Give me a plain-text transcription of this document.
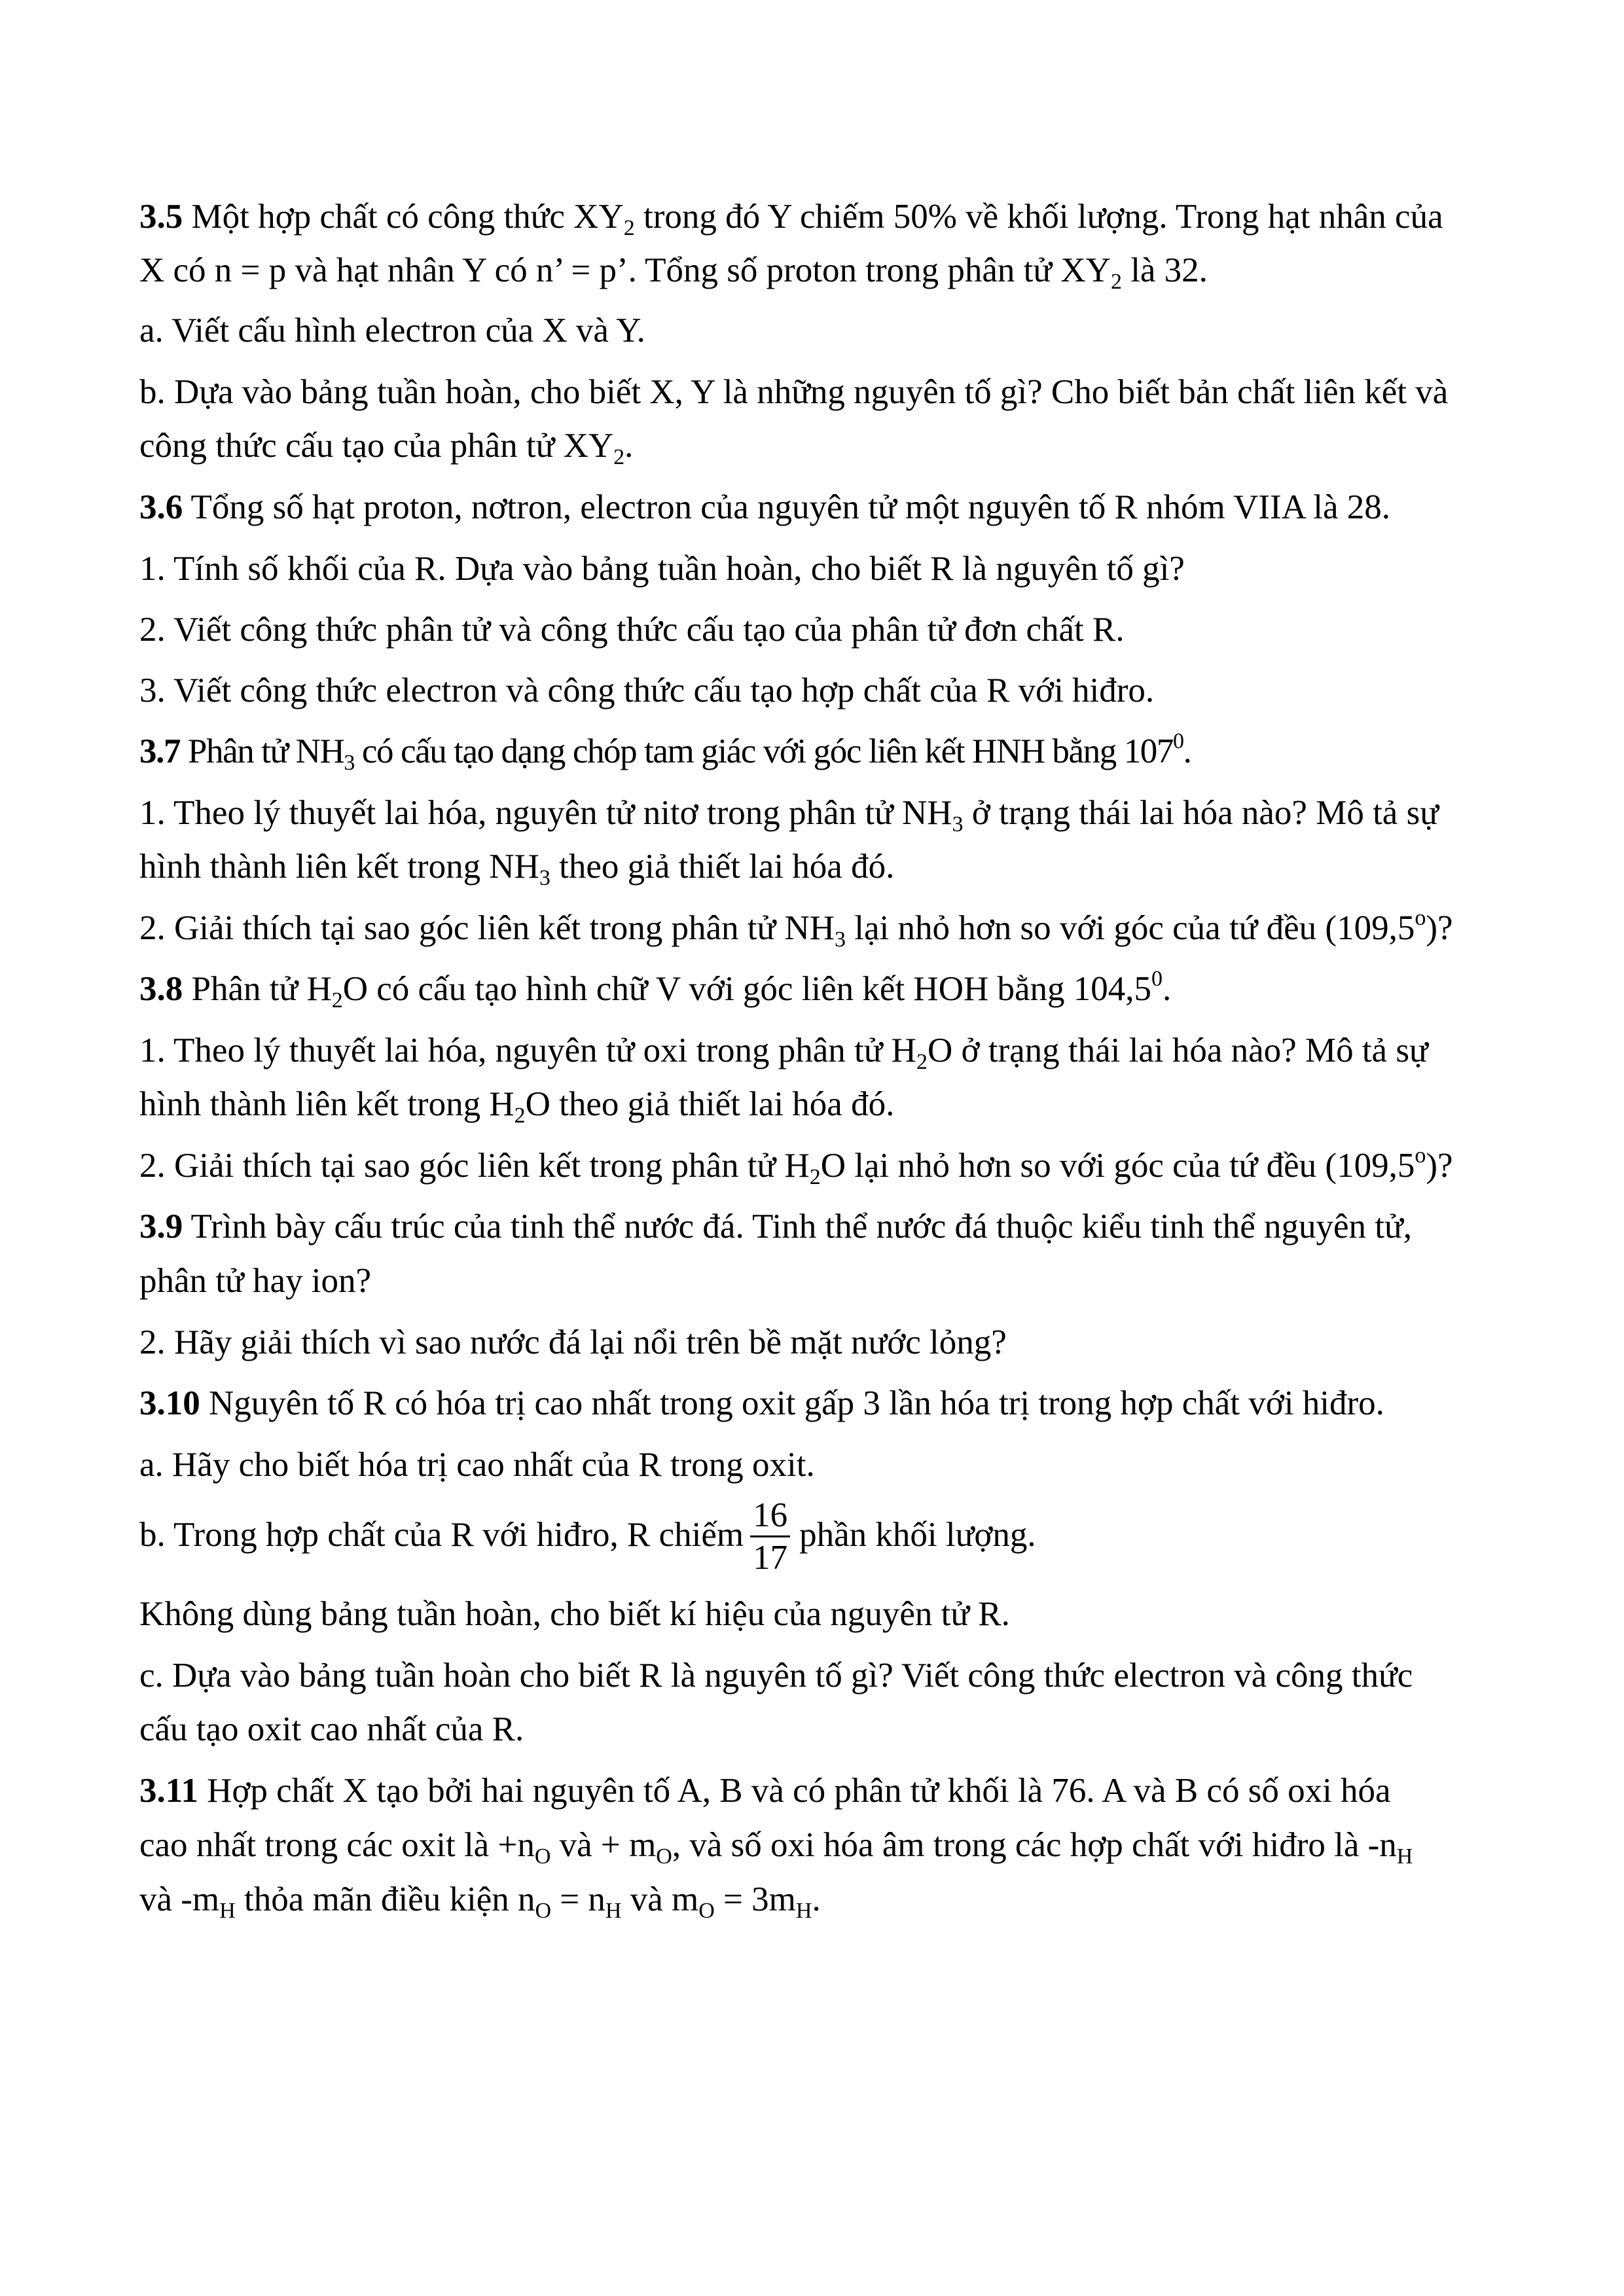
3.5 Một hợp chất có công thức $XY_2$ trong đó Y chiếm 50% về khối lượng. Trong hạt nhân của
X có n = p và hạt nhân Y có n’ = p’. Tổng số proton trong phân tử $XY_2$ là 32.
a. Viết cấu hình electron của X và Y.
b. Dựa vào bảng tuần hoàn, cho biết X, Y là những nguyên tố gì? Cho biết bản chất liên kết và
công thức cấu tạo của phân tử $XY_2$.
3.6 Tổng số hạt proton, nơtron, electron của nguyên tử một nguyên tố R nhóm VIIA là 28.
1. Tính số khối của R. Dựa vào bảng tuần hoàn, cho biết R là nguyên tố gì?
2. Viết công thức phân tử và công thức cấu tạo của phân tử đơn chất R.
3. Viết công thức electron và công thức cấu tạo hợp chất của R với hiđro.
3.7 Phân tử $NH_3$ có cấu tạo dạng chóp tam giác với góc liên kết HNH bằng $107^0$.
1. Theo lý thuyết lai hóa, nguyên tử nitơ trong phân tử $NH_3$ ở trạng thái lai hóa nào? Mô tả sự
hình thành liên kết trong $NH_3$ theo giả thiết lai hóa đó.
2. Giải thích tại sao góc liên kết trong phân tử $NH_3$ lại nhỏ hơn so với góc của tứ đều (109,5$^o$)?
3.8 Phân tử $H_2O$ có cấu tạo hình chữ V với góc liên kết HOH bằng 104,5$^0$.
1. Theo lý thuyết lai hóa, nguyên tử oxi trong phân tử $H_2O$ ở trạng thái lai hóa nào? Mô tả sự
hình thành liên kết trong $H_2O$ theo giả thiết lai hóa đó.
2. Giải thích tại sao góc liên kết trong phân tử $H_2O$ lại nhỏ hơn so với góc của tứ đều (109,5$^o$)?
3.9 Trình bày cấu trúc của tinh thể nước đá. Tinh thể nước đá thuộc kiểu tinh thể nguyên tử,
phân tử hay ion?
2. Hãy giải thích vì sao nước đá lại nổi trên bề mặt nước lỏng?
3.10 Nguyên tố R có hóa trị cao nhất trong oxit gấp 3 lần hóa trị trong hợp chất với hiđro.
a. Hãy cho biết hóa trị cao nhất của R trong oxit.
b. Trong hợp chất của R với hiđro, R chiếm $\frac{16}{17}$ phần khối lượng.
Không dùng bảng tuần hoàn, cho biết kí hiệu của nguyên tử R.
c. Dựa vào bảng tuần hoàn cho biết R là nguyên tố gì? Viết công thức electron và công thức
cấu tạo oxit cao nhất của R.
3.11 Hợp chất X tạo bởi hai nguyên tố A, B và có phân tử khối là 76. A và B có số oxi hóa
cao nhất trong các oxit là $+n_O$ và + $m_O$, và số oxi hóa âm trong các hợp chất với hiđro là $-n_H$
và $-m_H$ thỏa mãn điều kiện $n_O = n_H$ và $m_O = 3m_H$.
